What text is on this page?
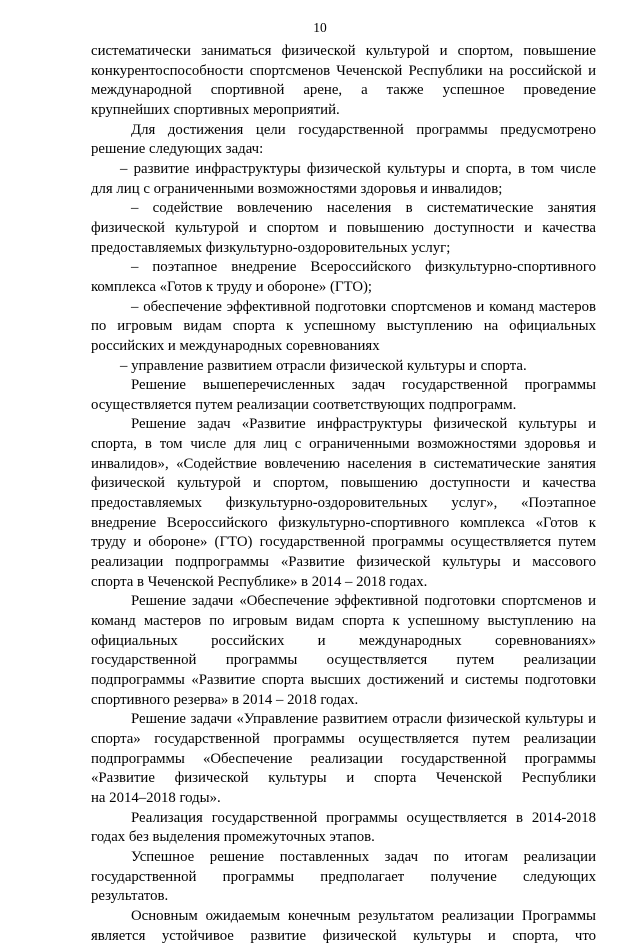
10
систематически заниматься физической культурой и спортом, повышение
конкурентоспособности спортсменов Чеченской Республики на российской и
международной спортивной арене, а также успешное проведение
крупнейших спортивных мероприятий.
Для достижения цели государственной программы предусмотрено
решение следующих задач:
– развитие инфраструктуры физической культуры и спорта, в том числе
для лиц с ограниченными возможностями здоровья и инвалидов;
– содействие вовлечению населения в систематические занятия
физической культурой и спортом и повышению доступности и качества
предоставляемых физкультурно-оздоровительных услуг;
– поэтапное внедрение Всероссийского физкультурно-спортивного
комплекса «Готов к труду и обороне» (ГТО);
– обеспечение эффективной подготовки спортсменов и команд мастеров
по игровым видам спорта к успешному выступлению на официальных
российских и международных соревнованиях
– управление развитием отрасли физической культуры и спорта.
Решение вышеперечисленных задач государственной программы
осуществляется путем реализации соответствующих подпрограмм.
Решение задач «Развитие инфраструктуры физической культуры и
спорта, в том числе для лиц с ограниченными возможностями здоровья и
инвалидов», «Содействие вовлечению населения в систематические занятия
физической культурой и спортом, повышению доступности и качества
предоставляемых физкультурно-оздоровительных услуг», «Поэтапное
внедрение Всероссийского физкультурно-спортивного комплекса «Готов к
труду и обороне» (ГТО) государственной программы осуществляется путем
реализации подпрограммы «Развитие физической культуры и массового
спорта в Чеченской Республике» в 2014 – 2018 годах.
Решение задачи «Обеспечение эффективной подготовки спортсменов и
команд мастеров по игровым видам спорта к успешному выступлению на
официальных российских и международных соревнованиях»
государственной программы осуществляется путем реализации
подпрограммы «Развитие спорта высших достижений и системы подготовки
спортивного резерва» в 2014 – 2018 годах.
Решение задачи «Управление развитием отрасли физической культуры и
спорта» государственной программы осуществляется путем реализации
подпрограммы «Обеспечение реализации государственной программы
«Развитие физической культуры и спорта Чеченской Республики
на 2014–2018 годы».
Реализация государственной программы осуществляется в 2014-2018
годах без выделения промежуточных этапов.
Успешное решение поставленных задач по итогам реализации
государственной программы предполагает получение следующих
результатов.
Основным ожидаемым конечным результатом реализации Программы
является устойчивое развитие физической культуры и спорта, что
